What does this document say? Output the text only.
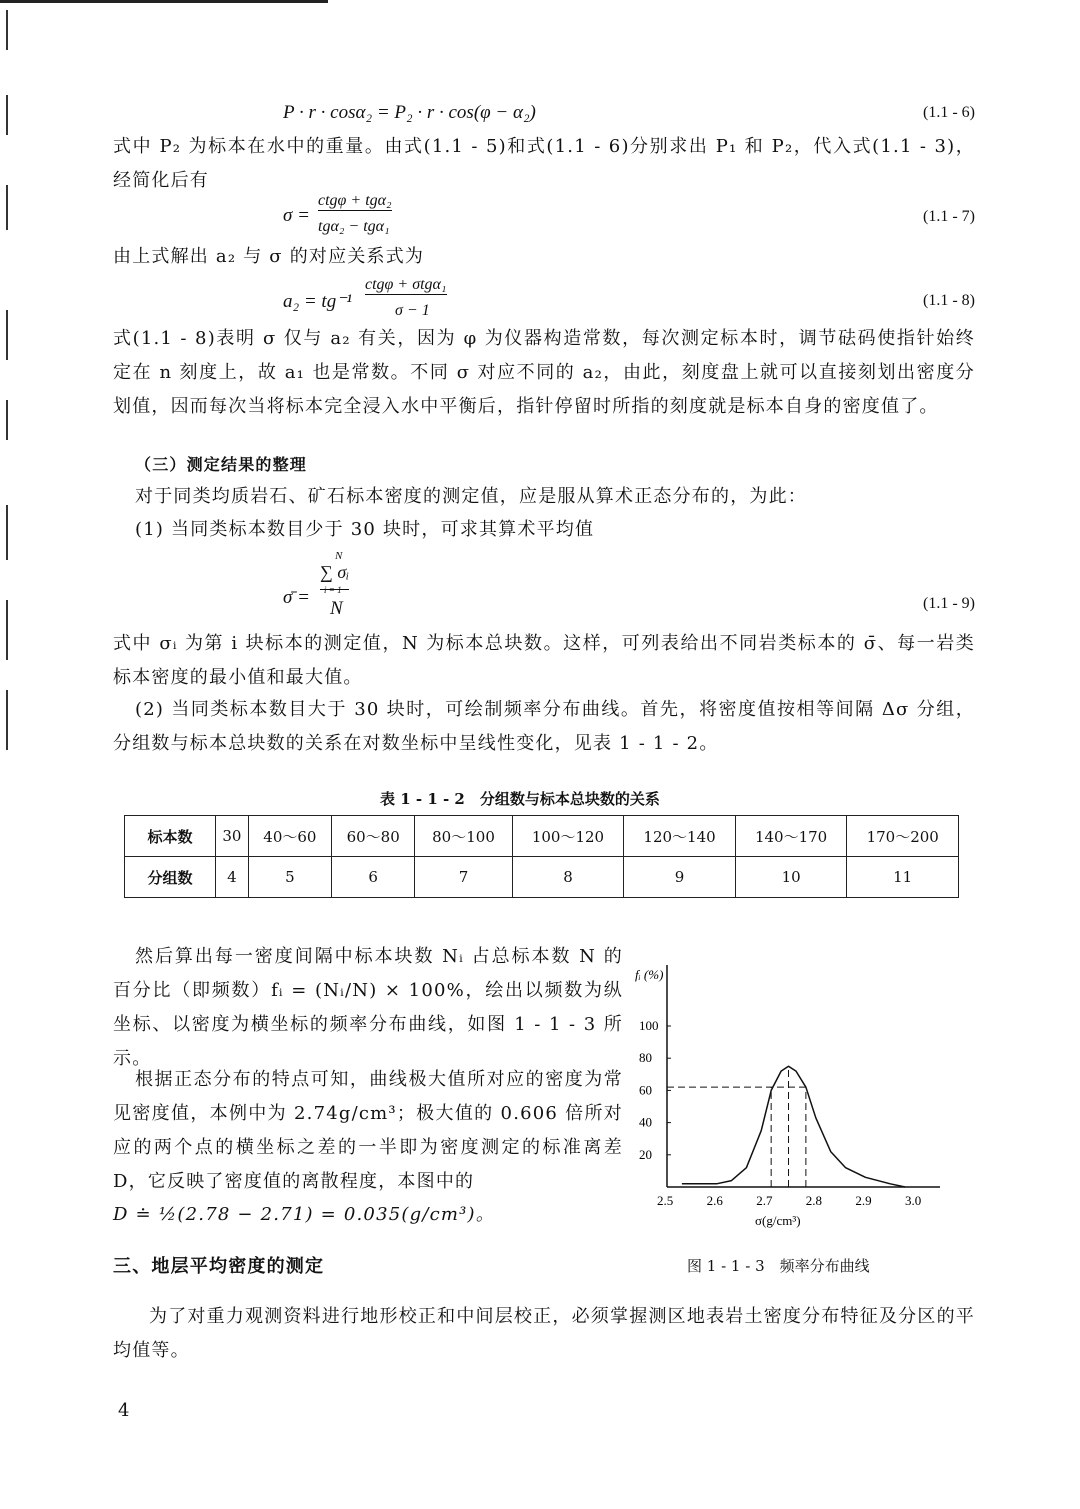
P · r · cosα₂ = P₂ · r · cos(φ − α₂)	(1.1 - 6)
式中 P₂ 为标本在水中的重量。由式(1.1 - 5)和式(1.1 - 6)分别求出 P₁ 和 P₂，代入式(1.1 - 3)，经简化后有
σ =
ctgφ + tgα₂
tgα₂ − tgα₁
(1.1 - 7)
由上式解出 a₂ 与 σ 的对应关系式为
a₂ = tg⁻¹
ctgφ + σtgα₁
σ − 1
(1.1 - 8)
式(1.1 - 8)表明 σ 仅与 a₂ 有关，因为 φ 为仪器构造常数，每次测定标本时，调节砝码使指针始终定在 n 刻度上，故 a₁ 也是常数。不同 σ 对应不同的 a₂，由此，刻度盘上就可以直接刻划出密度分划值，因而每次当将标本完全浸入水中平衡后，指针停留时所指的刻度就是标本自身的密度值了。
（三）测定结果的整理
对于同类均质岩石、矿石标本密度的测定值，应是服从算术正态分布的，为此：
(1) 当同类标本数目少于 30 块时，可求其算术平均值
σ̄ =
N
∑ σᵢ
i = 1
N	(1.1 - 9)
式中 σᵢ 为第 i 块标本的测定值，N 为标本总块数。这样，可列表给出不同岩类标本的 σ̄、每一岩类标本密度的最小值和最大值。
(2) 当同类标本数目大于 30 块时，可绘制频率分布曲线。首先，将密度值按相等间隔 Δσ 分组，分组数与标本总块数的关系在对数坐标中呈线性变化，见表 1 - 1 - 2。
表 1 - 1 - 2　分组数与标本总块数的关系
标本数	30	40～60	60～80	80～100	100～120	120～140	140～170	170～200
分组数	4	5	6	7	8	9	10	11
然后算出每一密度间隔中标本块数 Nᵢ 占总标本数 N 的百分比（即频数）fᵢ = (Nᵢ/N) × 100%，绘出以频数为纵坐标、以密度为横坐标的频率分布曲线，如图 1 - 1 - 3 所示。
根据正态分布的特点可知，曲线极大值所对应的密度为常见密度值，本例中为 2.74g/cm³；极大值的 0.606 倍所对应的两个点的横坐标之差的一半即为密度测定的标准离差 D，它反映了密度值的离散程度，本图中的
D ≐ ½(2.78 − 2.71) = 0.035(g/cm³)。
fᵢ (%)
2.5	2.6	2.7	2.8	2.9	3.0
20
40
60
80
100
σ(g/cm³)
图 1 - 1 - 3　频率分布曲线
三、地层平均密度的测定
为了对重力观测资料进行地形校正和中间层校正，必须掌握测区地表岩土密度分布特征及分区的平均值等。
4
